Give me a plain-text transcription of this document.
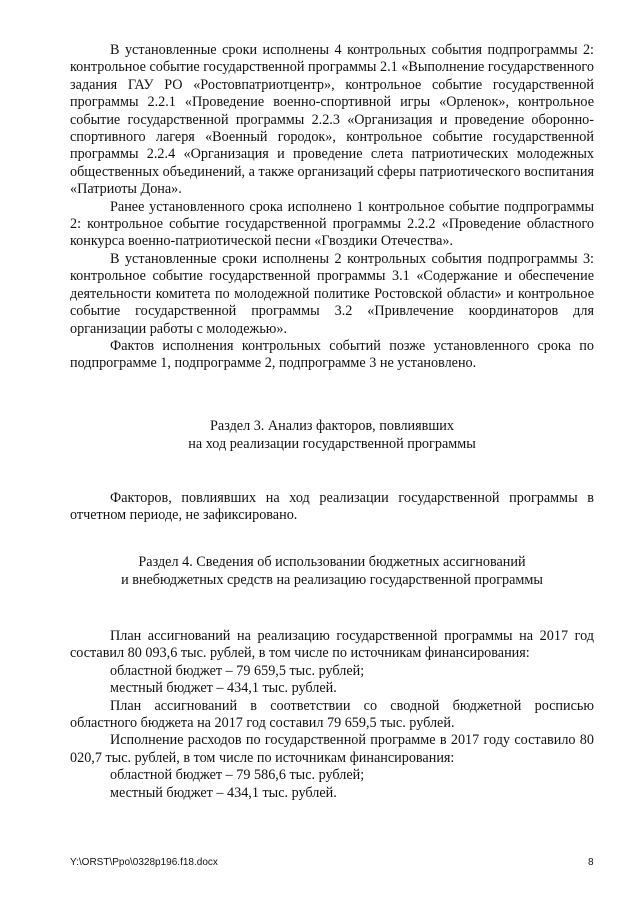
В установленные сроки исполнены 4 контрольных события подпрограммы 2: контрольное событие государственной программы 2.1 «Выполнение государственного задания ГАУ РО «Ростовпатриотцентр», контрольное событие государственной программы 2.2.1 «Проведение военно-спортивной игры «Орленок», контрольное событие государственной программы 2.2.3 «Организация и проведение оборонно-спортивного лагеря «Военный городок», контрольное событие государственной программы 2.2.4 «Организация и проведение слета патриотических молодежных общественных объединений, а также организаций сферы патриотического воспитания «Патриоты Дона».

Ранее установленного срока исполнено 1 контрольное событие подпрограммы 2: контрольное событие государственной программы 2.2.2 «Проведение областного конкурса военно-патриотической песни «Гвоздики Отечества».

В установленные сроки исполнены 2 контрольных события подпрограммы 3: контрольное событие государственной программы 3.1 «Содержание и обеспечение деятельности комитета по молодежной политике Ростовской области» и контрольное событие государственной программы 3.2 «Привлечение координаторов для организации работы с молодежью».

Фактов исполнения контрольных событий позже установленного срока по подпрограмме 1, подпрограмме 2, подпрограмме 3 не установлено.

Раздел 3. Анализ факторов, повлиявших
на ход реализации государственной программы

Факторов, повлиявших на ход реализации государственной программы в отчетном периоде, не зафиксировано.

Раздел 4. Сведения об использовании бюджетных ассигнований
и внебюджетных средств на реализацию государственной программы

План ассигнований на реализацию государственной программы на 2017 год составил 80 093,6 тыс. рублей, в том числе по источникам финансирования:

областной бюджет – 79 659,5 тыс. рублей;

местный бюджет – 434,1 тыс. рублей.

План ассигнований в соответствии со сводной бюджетной росписью областного бюджета на 2017 год составил 79 659,5 тыс. рублей.

Исполнение расходов по государственной программе в 2017 году составило 80 020,7 тыс. рублей, в том числе по источникам финансирования:

областной бюджет – 79 586,6 тыс. рублей;

местный бюджет – 434,1 тыс. рублей.

Y:\ORST\Ppo\0328p196.f18.docx	8
